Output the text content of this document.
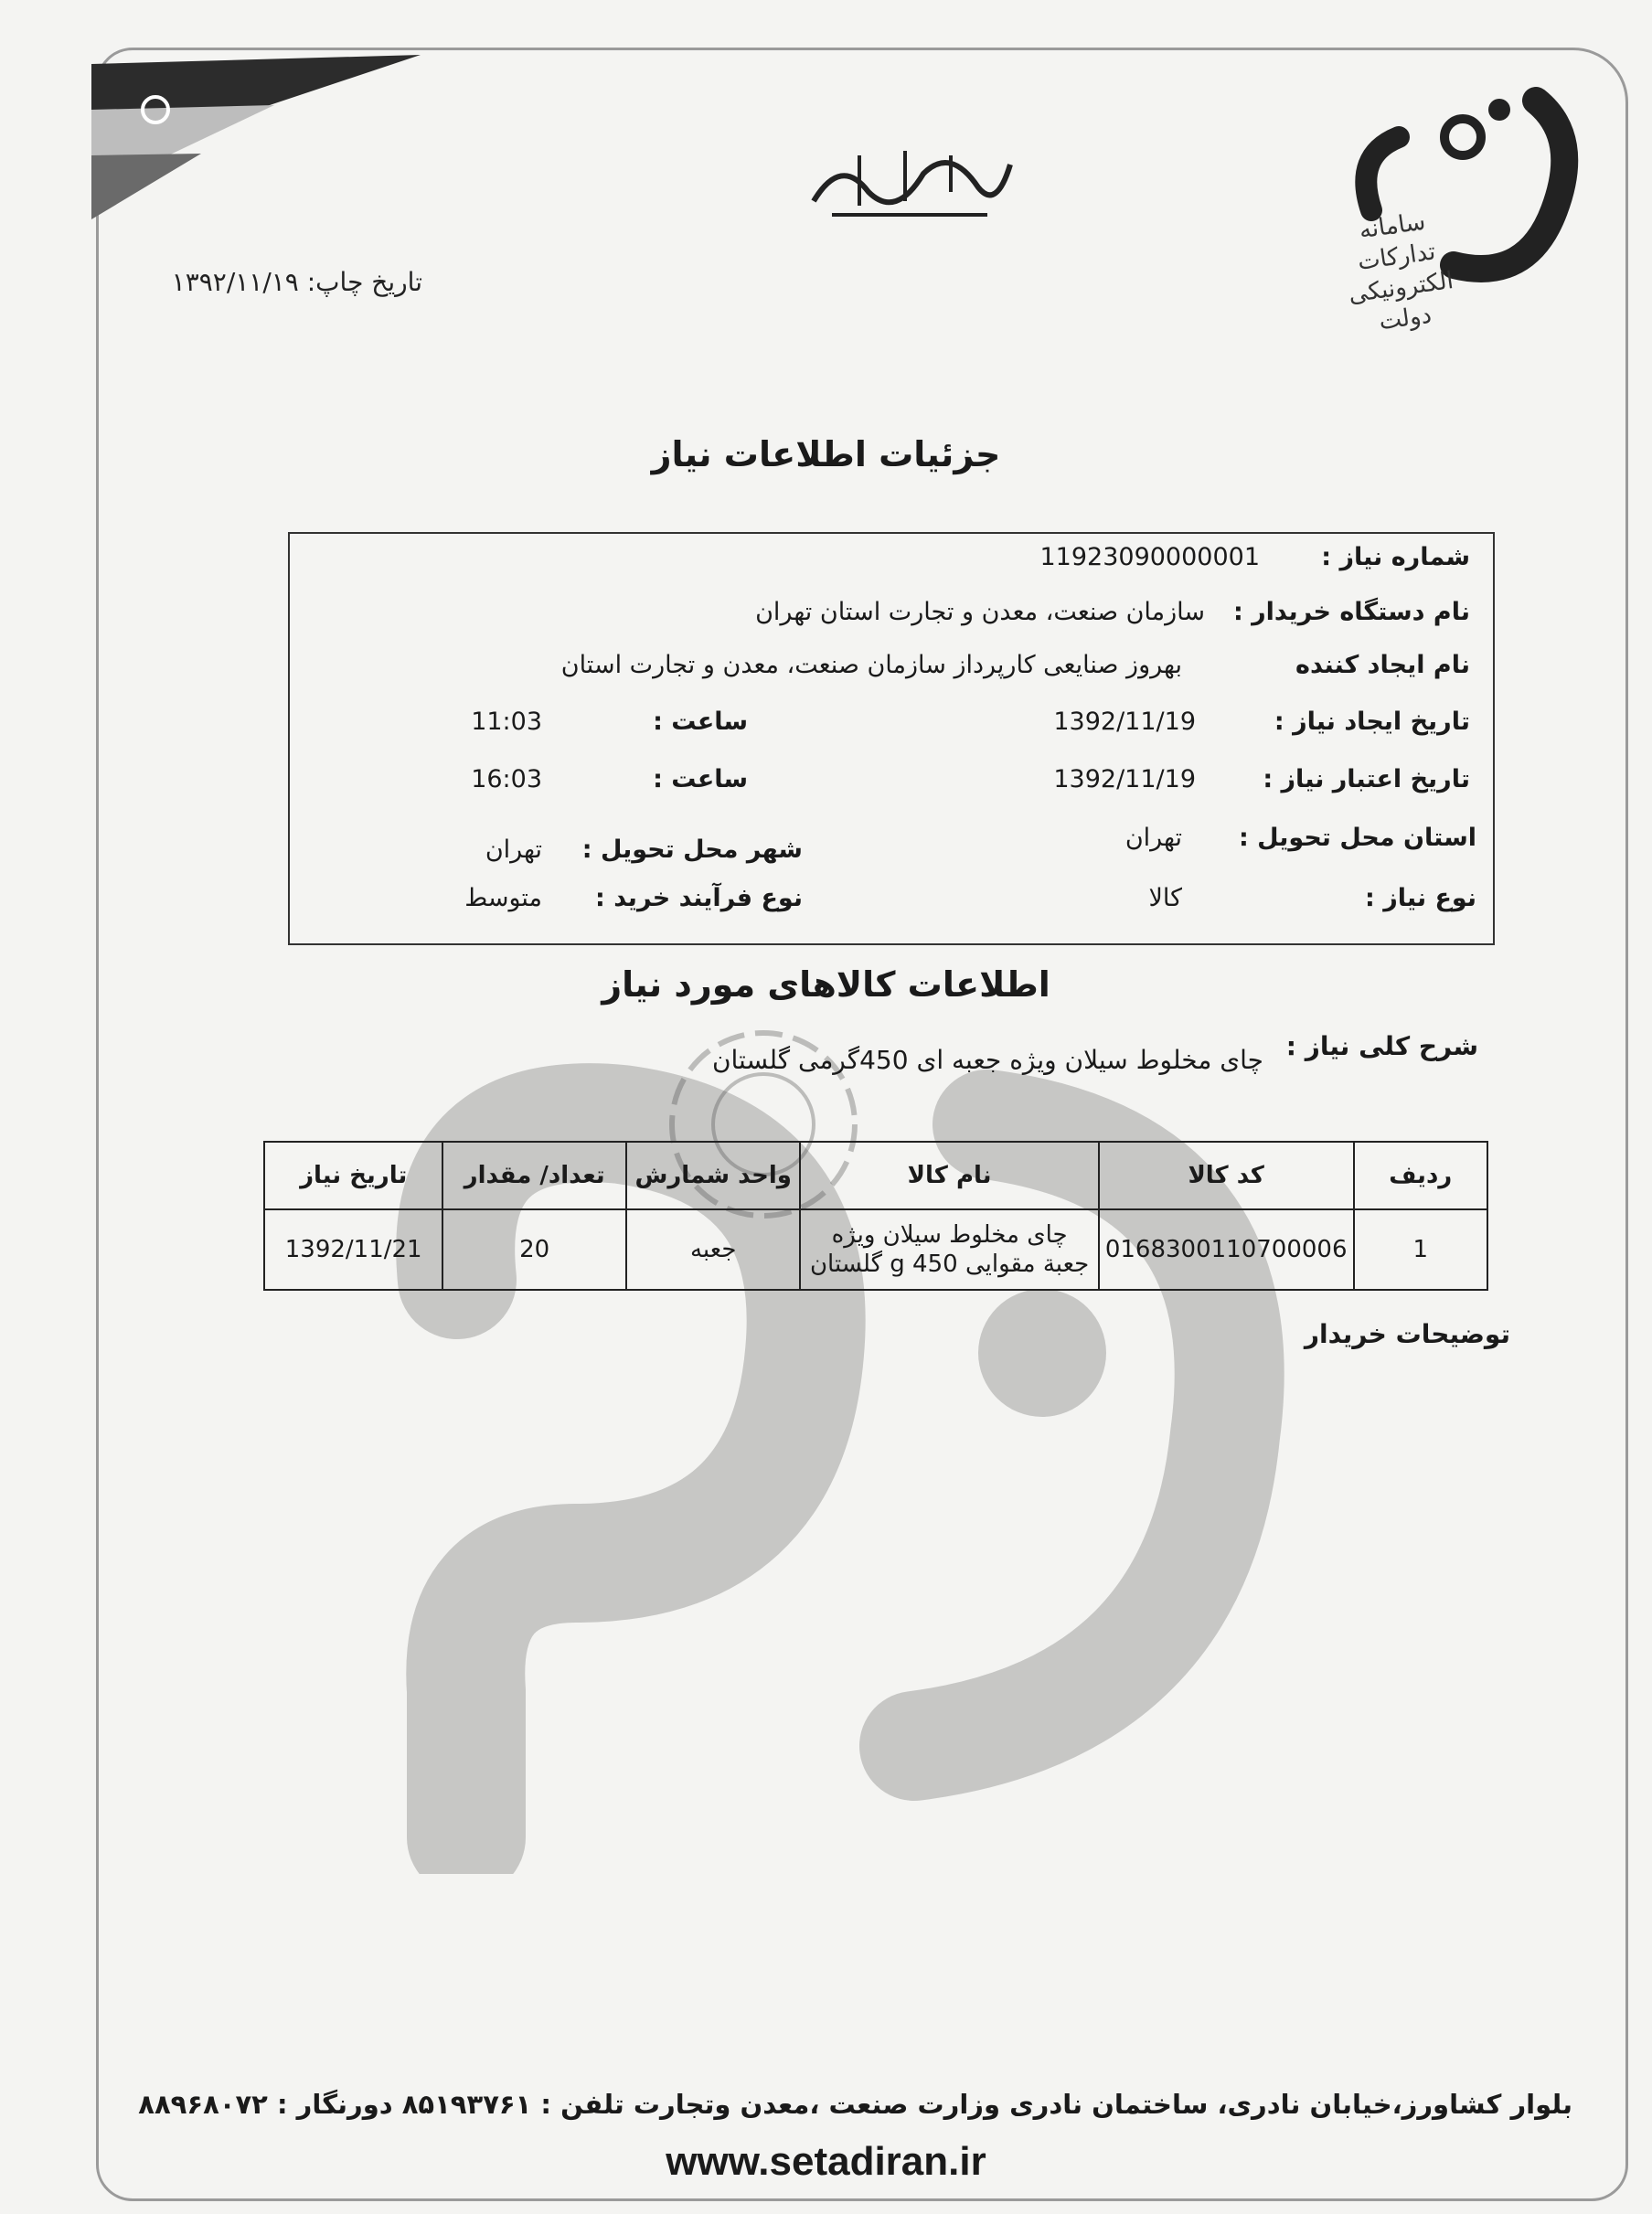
سامانه تدارکات الکترونیکی دولت
تاریخ چاپ: ۱۳۹۲/۱۱/۱۹
جزئیات اطلاعات نیاز
شماره نیاز :
11923090000001
نام دستگاه خریدار :
سازمان صنعت، معدن و تجارت استان تهران
نام ایجاد کننده
بهروز صنایعی کارپرداز سازمان صنعت، معدن و تجارت استان
تاریخ ایجاد نیاز :
1392/11/19
ساعت :
11:03
تاریخ اعتبار نیاز :
1392/11/19
ساعت :
16:03
استان محل تحویل :
تهران
شهر محل تحویل :
تهران
نوع نیاز :
کالا
نوع فرآیند خرید :
متوسط
اطلاعات کالاهای مورد نیاز
شرح کلی نیاز :
چای مخلوط سیلان ویژه جعبه ای 450گرمی گلستان
ردیف	کد کالا	نام کالا	واحد شمارش	تعداد/ مقدار	تاریخ نیاز
1	0168300110700006	چای مخلوط سیلان ویژه جعبة مقوایی 450 g گلستان	جعبه	20	1392/11/21
توضیحات خریدار
بلوار کشاورز،خیابان نادری، ساختمان نادری وزارت صنعت ،معدن وتجارت تلفن : ۸۵۱۹۳۷۶۱ دورنگار : ۸۸۹۶۸۰۷۲
www.setadiran.ir
